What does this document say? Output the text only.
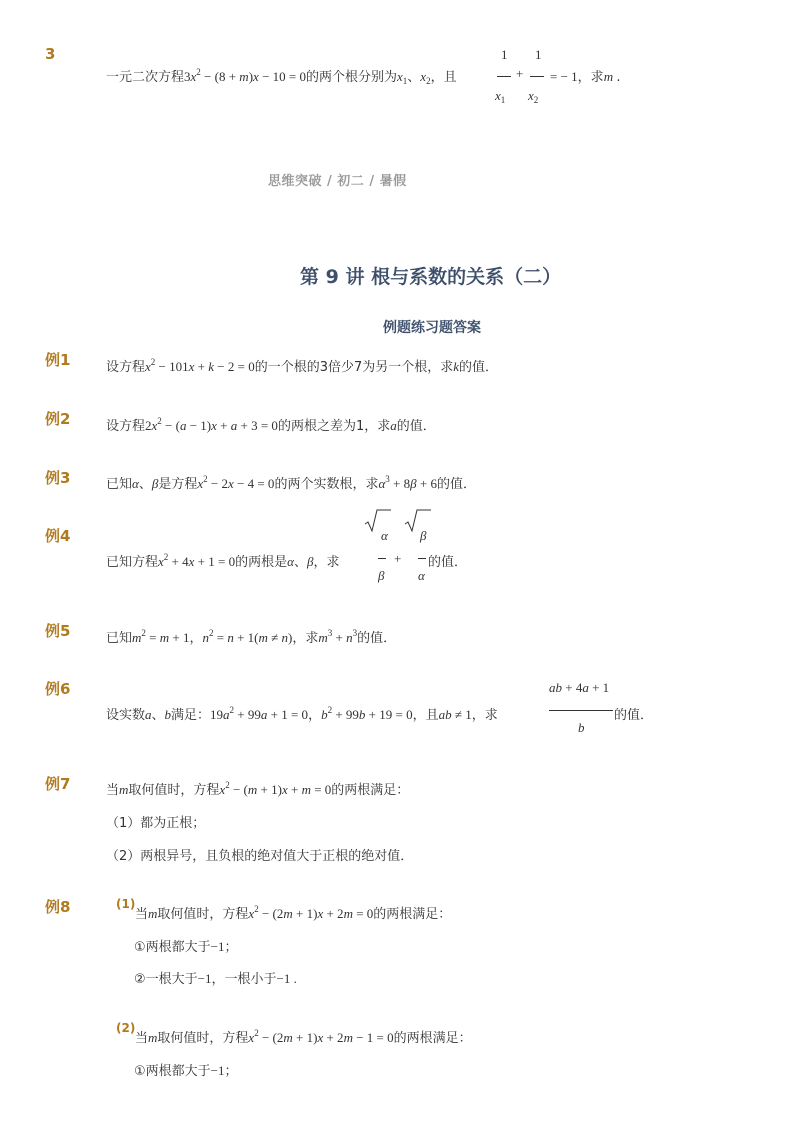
3
一元二次方程$3x^2 - (8 + m)x - 10 = 0$的两个根分别为$x_1$、$x_2$，且
1
$x_1$
+
1
$x_2$
= − 1，求m .
思维突破 / 初二 / 暑假
第 9 讲 根与系数的关系（二）
例题练习题答案
例1	设方程$x^2 - 101x + k - 2 = 0$的一个根的3倍少7为另一个根，求k的值．
例2	设方程$2x^2 - (a - 1)x + a + 3 = 0$的两根之差为1，求a的值．
例3	已知α、β是方程$x^2 - 2x - 4 = 0$的两个实数根，求$\alpha^3 + 8\beta + 6$的值．
例4
已知方程$x^2 + 4x + 1 = 0$的两根是α、β，求
α β
+
β	α
的值．
例5	已知$m^2 = m + 1$，$n^2 = n + 1(m \ne n)$，求$m^3 + n^3$的值．
例6
设实数a、b满足：$19a^2 + 99a + 1 = 0$，$b^2 + 99b + 19 = 0$，且ab ≠ 1，求
ab + 4a + 1
b
的值．
例7	当m取何值时，方程$x^2 - (m + 1)x + m = 0$的两根满足：
（1）都为正根；
（2）两根异号，且负根的绝对值大于正根的绝对值．
例8	(1)
当m取何值时，方程$x^2 - (2m + 1)x + 2m = 0$的两根满足：
①两根都大于−1；
②一根大于−1，一根小于−1 .
(2)
当m取何值时，方程$x^2 - (2m + 1)x + 2m - 1 = 0$的两根满足：
①两根都大于−1；
